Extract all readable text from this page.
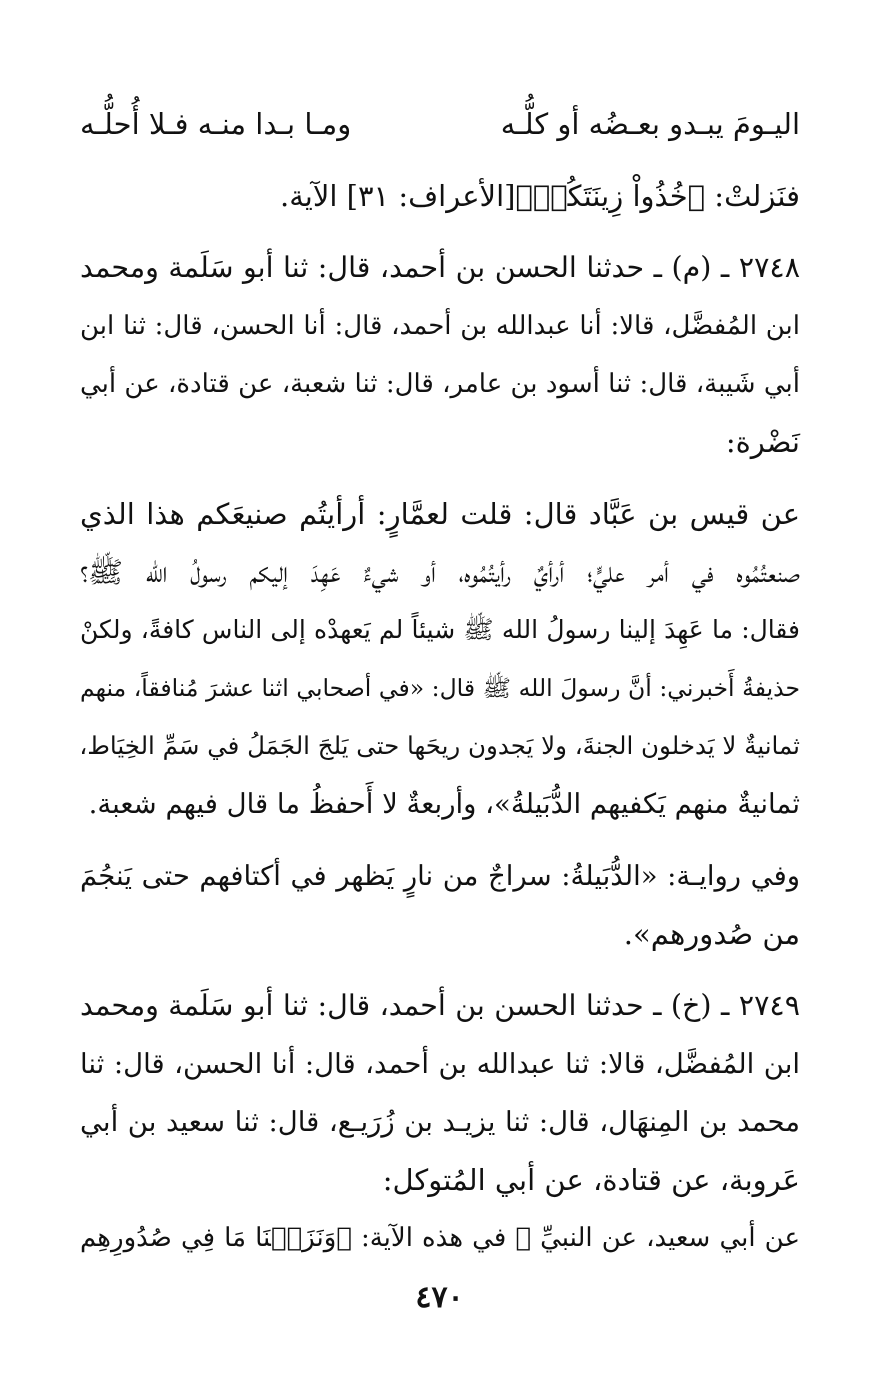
اليـومَ يبـدو بعـضُه أو كلُّـه
ومـا بـدا منـه فـلا أُحلُّـه
فنَزلتْ: ﴿خُذُواْ زِينَتَكُمۡ﴾[الأعراف: ٣١] الآية.
٢٧٤٨ ـ (م) ـ حدثنا الحسن بن أحمد، قال: ثنا أبو سَلَمة ومحمد
ابن المُفضَّل، قالا: أنا عبدالله بن أحمد، قال: أنا الحسن، قال: ثنا ابن
أبي شَيبة، قال: ثنا أسود بن عامر، قال: ثنا شعبة، عن قتادة، عن أبي
نَضْرة:
عن قيس بن عَبَّاد قال: قلت لعمَّارٍ: أرأيتُم صنيعَكم هذا الذي
صنعتُمُوه في أمر عليٍّ؛ أرأيٌ رأيتُمُوه، أو شيءٌ عَهِدَ إليكم رسولُ الله ﷺ؟
فقال: ما عَهِدَ إلينا رسولُ الله ﷺ شيئاً لم يَعهدْه إلى الناس كافةً، ولكنْ
حذيفةُ أَخبرني: أنَّ رسولَ الله ﷺ قال: «في أصحابي اثنا عشرَ مُنافقاً، منهم
ثمانيةٌ لا يَدخلون الجنةَ، ولا يَجدون ريحَها حتى يَلجَ الجَمَلُ في سَمِّ الخِيَاط،
ثمانيةٌ منهم يَكفيهم الدُّبَيلةُ»، وأربعةٌ لا أَحفظُ ما قال فيهم شعبة.
وفي روايـة: «الدُّبَيلةُ: سراجٌ من نارٍ يَظهر في أكتافهم حتى يَنجُمَ
من صُدورهم».
٢٧٤٩ ـ (خ) ـ حدثنا الحسن بن أحمد، قال: ثنا أبو سَلَمة ومحمد
ابن المُفضَّل، قالا: ثنا عبدالله بن أحمد، قال: أنا الحسن، قال: ثنا
محمد بن المِنهَال، قال: ثنا يزيـد بن زُرَيـع، قال: ثنا سعيد بن أبي
عَروبة، عن قتادة، عن أبي المُتوكل:
عن أبي سعيد، عن النبيِّ ﷺ في هذه الآية: ﴿وَنَزَعۡنَا مَا فِي صُدُورِهِم
٤٧٠
